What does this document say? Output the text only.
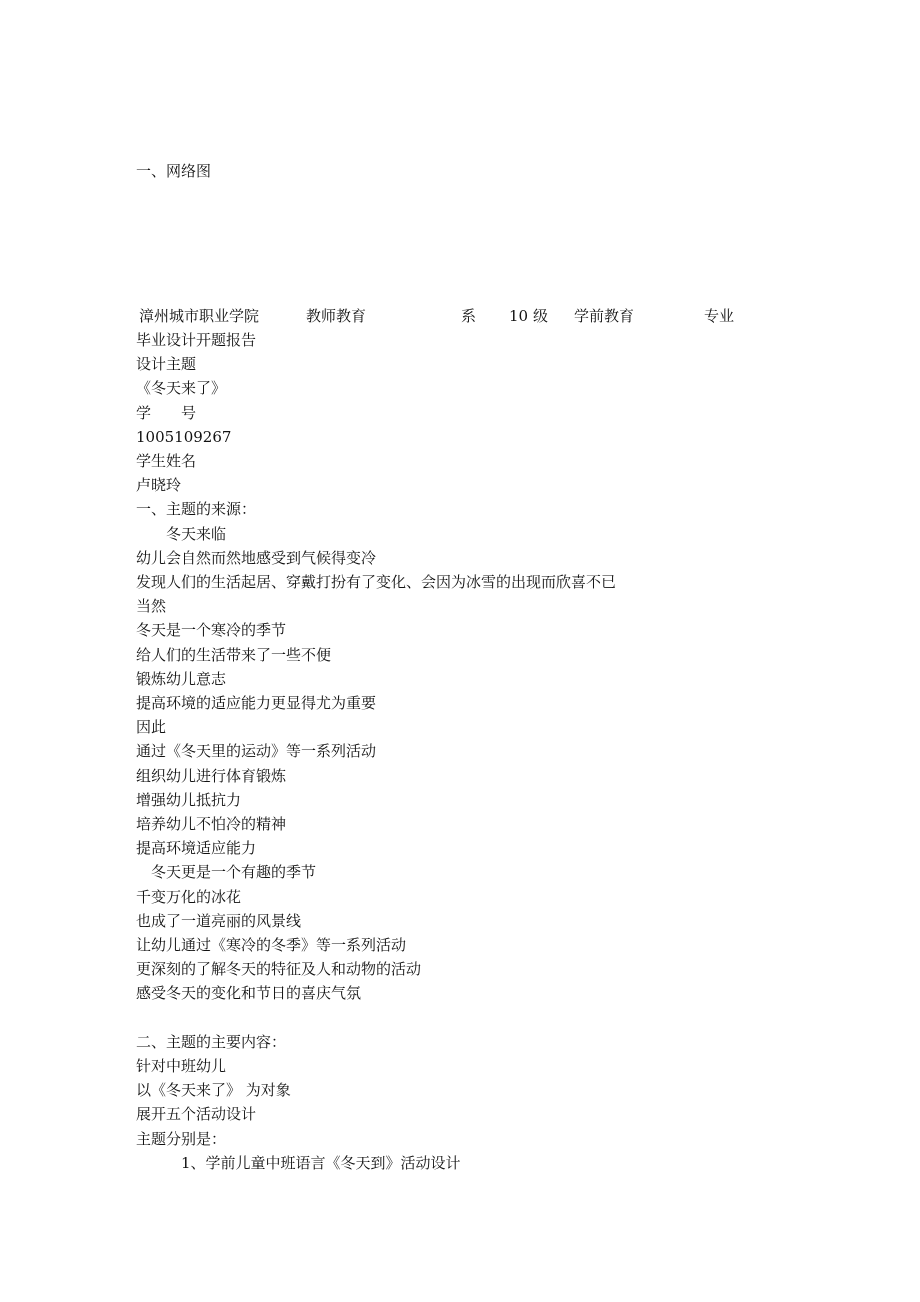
一、网络图
漳州城市职业学院	教师教育	系 10 级 学前教育	专业
毕业设计开题报告
设计主题
《冬天来了》
学　　号
1005109267
学生姓名
卢晓玲
一、主题的来源：
　　冬天来临
幼儿会自然而然地感受到气候得变冷
发现人们的生活起居、穿戴打扮有了变化、会因为冰雪的出现而欣喜不已
当然
冬天是一个寒冷的季节
给人们的生活带来了一些不便
锻炼幼儿意志
提高环境的适应能力更显得尤为重要
因此
通过《冬天里的运动》等一系列活动
组织幼儿进行体育锻炼
增强幼儿抵抗力
培养幼儿不怕冷的精神
提高环境适应能力
　冬天更是一个有趣的季节
千变万化的冰花
也成了一道亮丽的风景线
让幼儿通过《寒冷的冬季》等一系列活动
更深刻的了解冬天的特征及人和动物的活动
感受冬天的变化和节日的喜庆气氛
二、主题的主要内容：
针对中班幼儿
以《冬天来了》 为对象
展开五个活动设计
主题分别是：
　　　1、学前儿童中班语言《冬天到》活动设计
